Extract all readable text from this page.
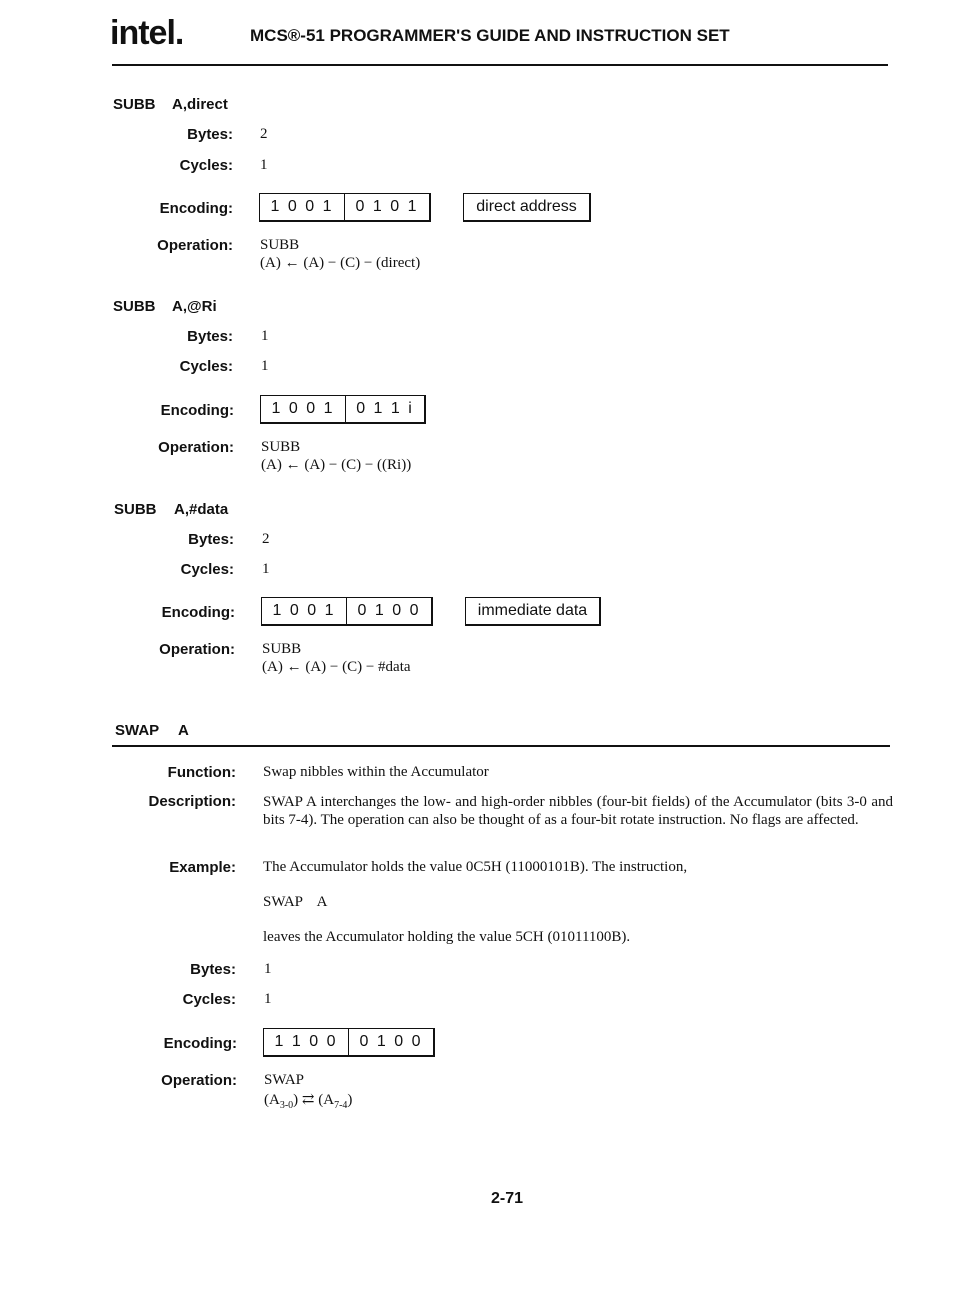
intel.	MCS®-51 PROGRAMMER'S GUIDE AND INSTRUCTION SET
SUBB A,direct
Bytes: 2
Cycles: 1
Encoding:	1 0 0 1	0 1 0 1	direct address
Operation: SUBB
(A) ← (A) − (C) − (direct)
SUBB A,@Ri
Bytes: 1
Cycles: 1
Encoding:	1 0 0 1	0 1 1 i
Operation: SUBB
(A) ← (A) − (C) − ((Ri))
SUBB A,#data
Bytes: 2
Cycles: 1
Encoding:	1 0 0 1	0 1 0 0	immediate data
Operation: SUBB
(A) ← (A) − (C) − #data
SWAP A
Function: Swap nibbles within the Accumulator
Description: SWAP A interchanges the low- and high-order nibbles (four-bit fields) of the Accumulator (bits 3-0 and bits 7-4). The operation can also be thought of as a four-bit rotate instruction. No flags are affected.
Example: The Accumulator holds the value 0C5H (11000101B). The instruction,
SWAP    A
leaves the Accumulator holding the value 5CH (01011100B).
Bytes: 1
Cycles: 1
Encoding:	1 1 0 0	0 1 0 0
Operation: SWAP
$(A_{3-0})$ ⇄ $(A_{7-4})$
2-71
